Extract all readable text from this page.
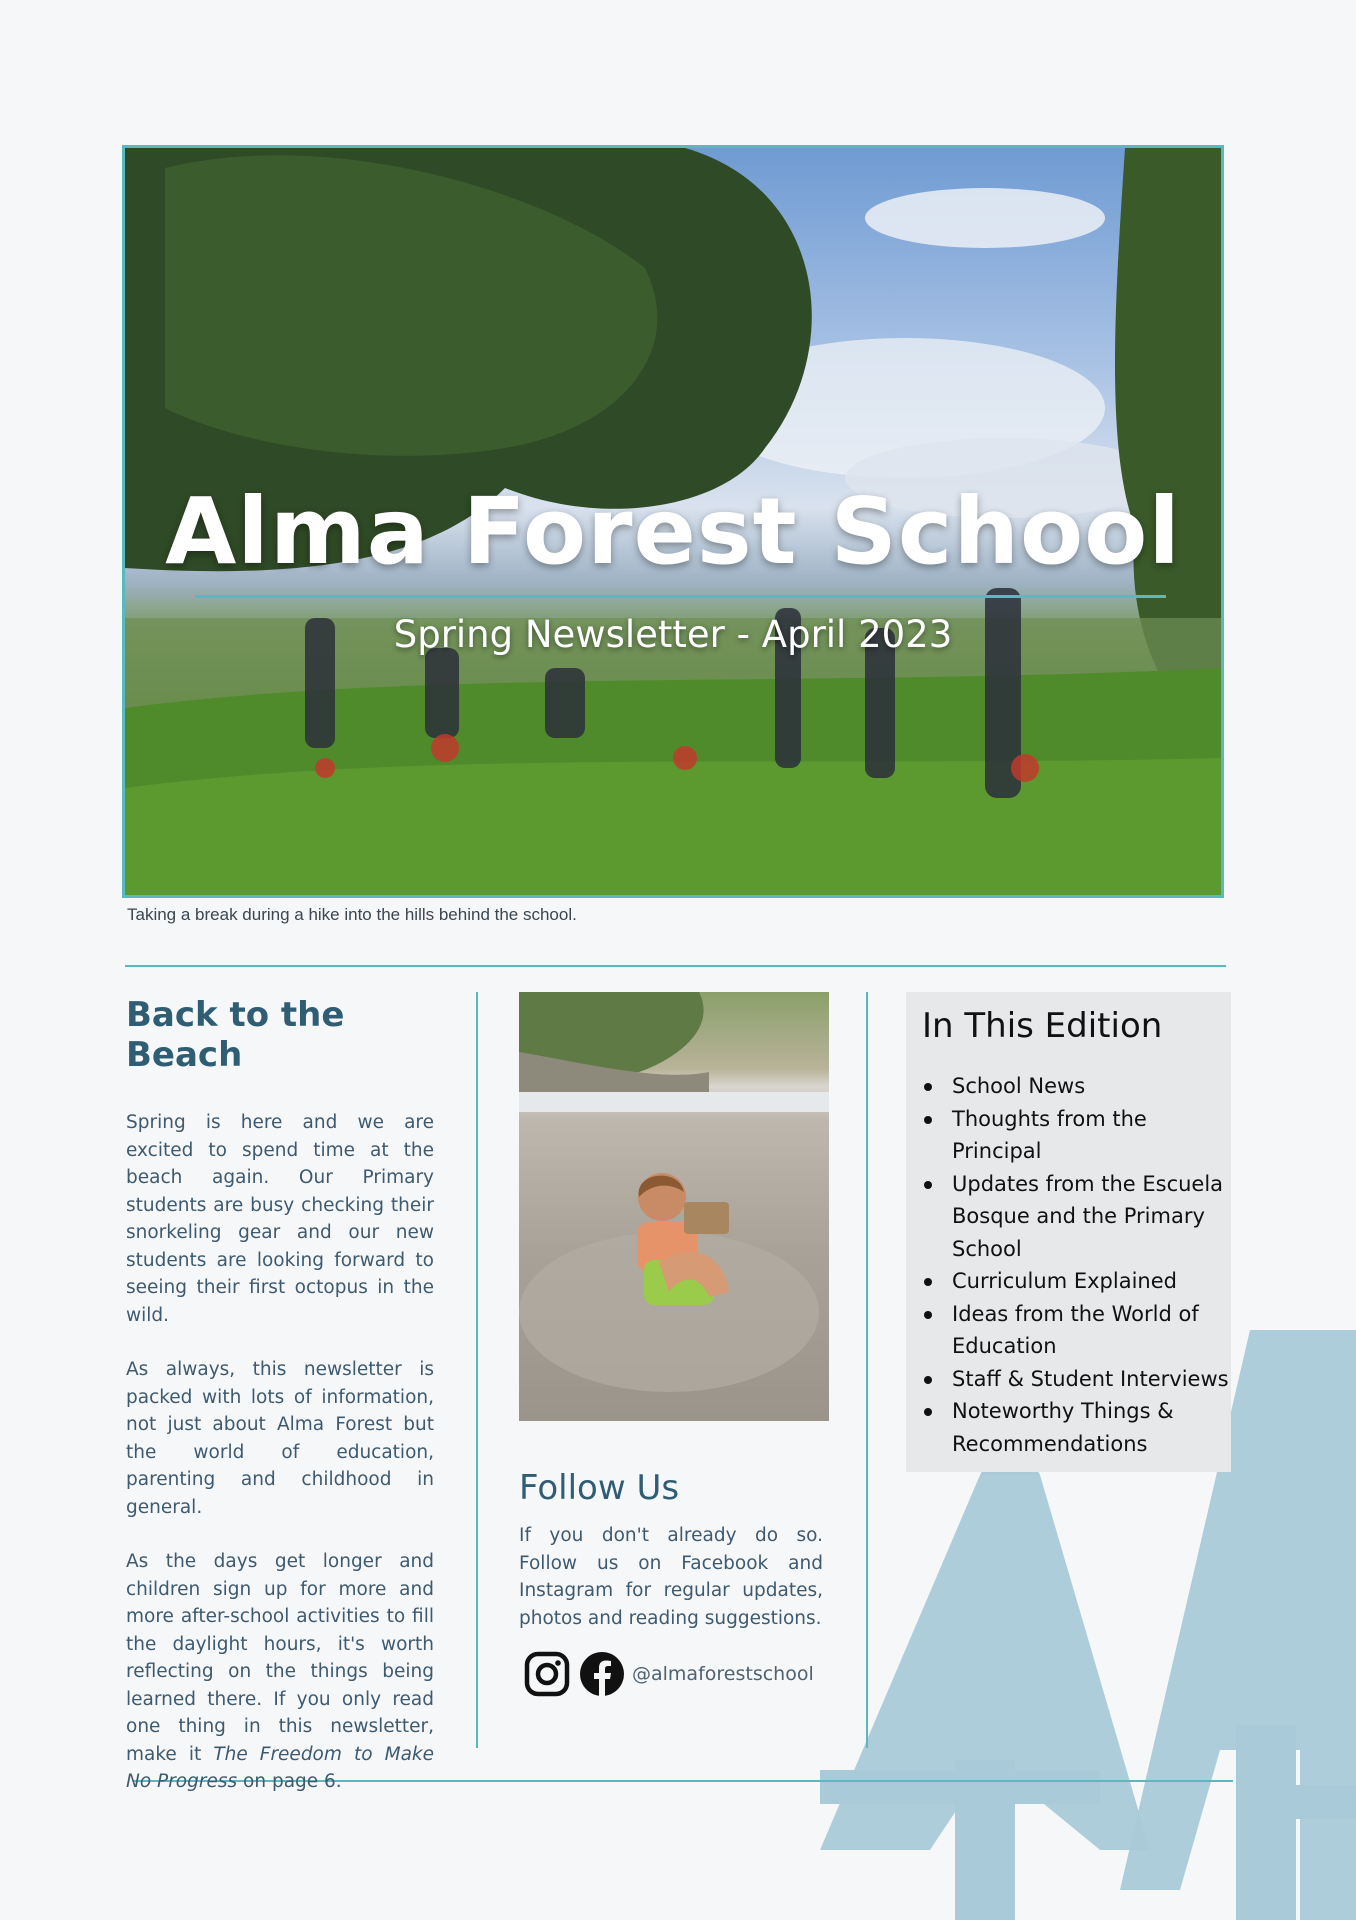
Alma Forest School
Spring Newsletter - April 2023
Taking a break during a hike into the hills behind the school.
Back to the Beach

Spring is here and we are excited to spend time at the beach again. Our Primary students are busy checking their snorkeling gear and our new students are looking forward to seeing their first octopus in the wild.

As always, this newsletter is packed with lots of information, not just about Alma Forest but the world of education, parenting and childhood in general.

As the days get longer and children sign up for more and more after-school activities to fill the daylight hours, it's worth reflecting on the things being learned there. If you only read one thing in this newsletter, make it The Freedom to Make No Progress on page 6.

Follow Us
If you don't already do so. Follow us on Facebook and Instagram for regular updates, photos and reading suggestions.
@almaforestschool
In This Edition
School News
Thoughts from the Principal
Updates from the Escuela Bosque and the Primary School
Curriculum Explained
Ideas from the World of Education
Staff & Student Interviews
Noteworthy Things & Recommendations
